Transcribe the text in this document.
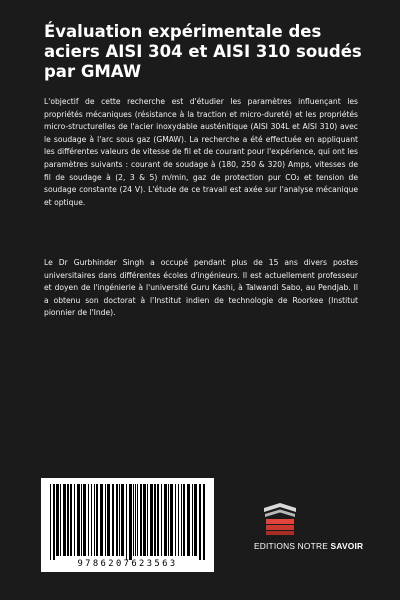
Évaluation expérimentale des aciers AISI 304 et AISI 310 soudés par GMAW

L'objectif de cette recherche est d'étudier les paramètres influençant les propriétés mécaniques (résistance à la traction et micro-dureté) et les propriétés micro-structurelles de l'acier inoxydable austénitique (AISI 304L et AISI 310) avec le soudage à l'arc sous gaz (GMAW). La recherche a été effectuée en appliquant les différentes valeurs de vitesse de fil et de courant pour l'expérience, qui ont les paramètres suivants : courant de soudage à (180, 250 & 320) Amps, vitesses de fil de soudage à (2, 3 & 5) m/min, gaz de protection pur CO₂ et tension de soudage constante (24 V). L'étude de ce travail est axée sur l'analyse mécanique et optique.

Le Dr Gurbhinder Singh a occupé pendant plus de 15 ans divers postes universitaires dans différentes écoles d'ingénieurs. Il est actuellement professeur et doyen de l'ingénierie à l'université Guru Kashi, à Talwandi Sabo, au Pendjab. Il a obtenu son doctorat à l'Institut indien de technologie de Roorkee (Institut pionnier de l'Inde).

9786207623563
EDITIONS NOTRE SAVOIR
